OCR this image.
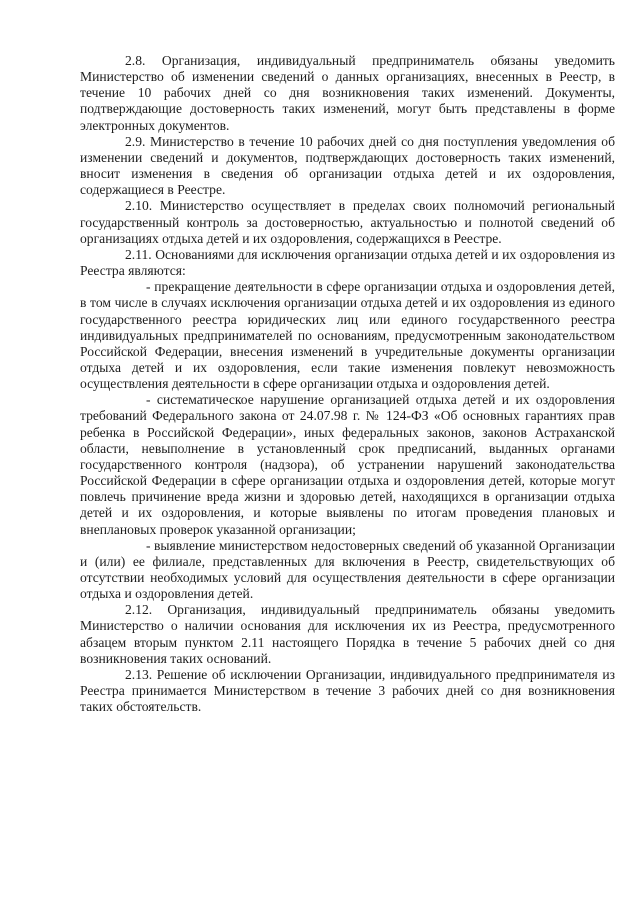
2.8. Организация, индивидуальный предприниматель обязаны уведомить Министерство об изменении сведений о данных организациях, внесенных в Реестр, в течение 10 рабочих дней со дня возникновения таких изменений. Документы, подтверждающие достоверность таких изменений, могут быть представлены в форме электронных документов.

2.9. Министерство в течение 10 рабочих дней со дня поступления уведомления об изменении сведений и документов, подтверждающих достоверность таких изменений, вносит изменения в сведения об организации отдыха детей и их оздоровления, содержащиеся в Реестре.

2.10. Министерство осуществляет в пределах своих полномочий региональный государственный контроль за достоверностью, актуальностью и полнотой сведений об организациях отдыха детей и их оздоровления, содержащихся в Реестре.

2.11. Основаниями для исключения организации отдыха детей и их оздоровления из Реестра являются:

- прекращение деятельности в сфере организации отдыха и оздоровления детей, в том числе в случаях исключения организации отдыха детей и их оздоровления из единого государственного реестра юридических лиц или единого государственного реестра индивидуальных предпринимателей по основаниям, предусмотренным законодательством Российской Федерации, внесения изменений в учредительные документы организации отдыха детей и их оздоровления, если такие изменения повлекут невозможность осуществления деятельности в сфере организации отдыха и оздоровления детей.

- систематическое нарушение организацией отдыха детей и их оздоровления требований Федерального закона от 24.07.98 г. № 124-ФЗ «Об основных гарантиях прав ребенка в Российской Федерации», иных федеральных законов, законов Астраханской области, невыполнение в установленный срок предписаний, выданных органами государственного контроля (надзора), об устранении нарушений законодательства Российской Федерации в сфере организации отдыха и оздоровления детей, которые могут повлечь причинение вреда жизни и здоровью детей, находящихся в организации отдыха детей и их оздоровления, и которые выявлены по итогам проведения плановых и внеплановых проверок указанной организации;

- выявление министерством недостоверных сведений об указанной Организации и (или) ее филиале, представленных для включения в Реестр, свидетельствующих об отсутствии необходимых условий для осуществления деятельности в сфере организации отдыха и оздоровления детей.

2.12. Организация, индивидуальный предприниматель обязаны уведомить Министерство о наличии основания для исключения их из Реестра, предусмотренного абзацем вторым пунктом 2.11 настоящего Порядка в течение 5 рабочих дней со дня возникновения таких оснований.

2.13. Решение об исключении Организации, индивидуального предпринимателя из Реестра принимается Министерством в течение 3 рабочих дней со дня возникновения таких обстоятельств.
